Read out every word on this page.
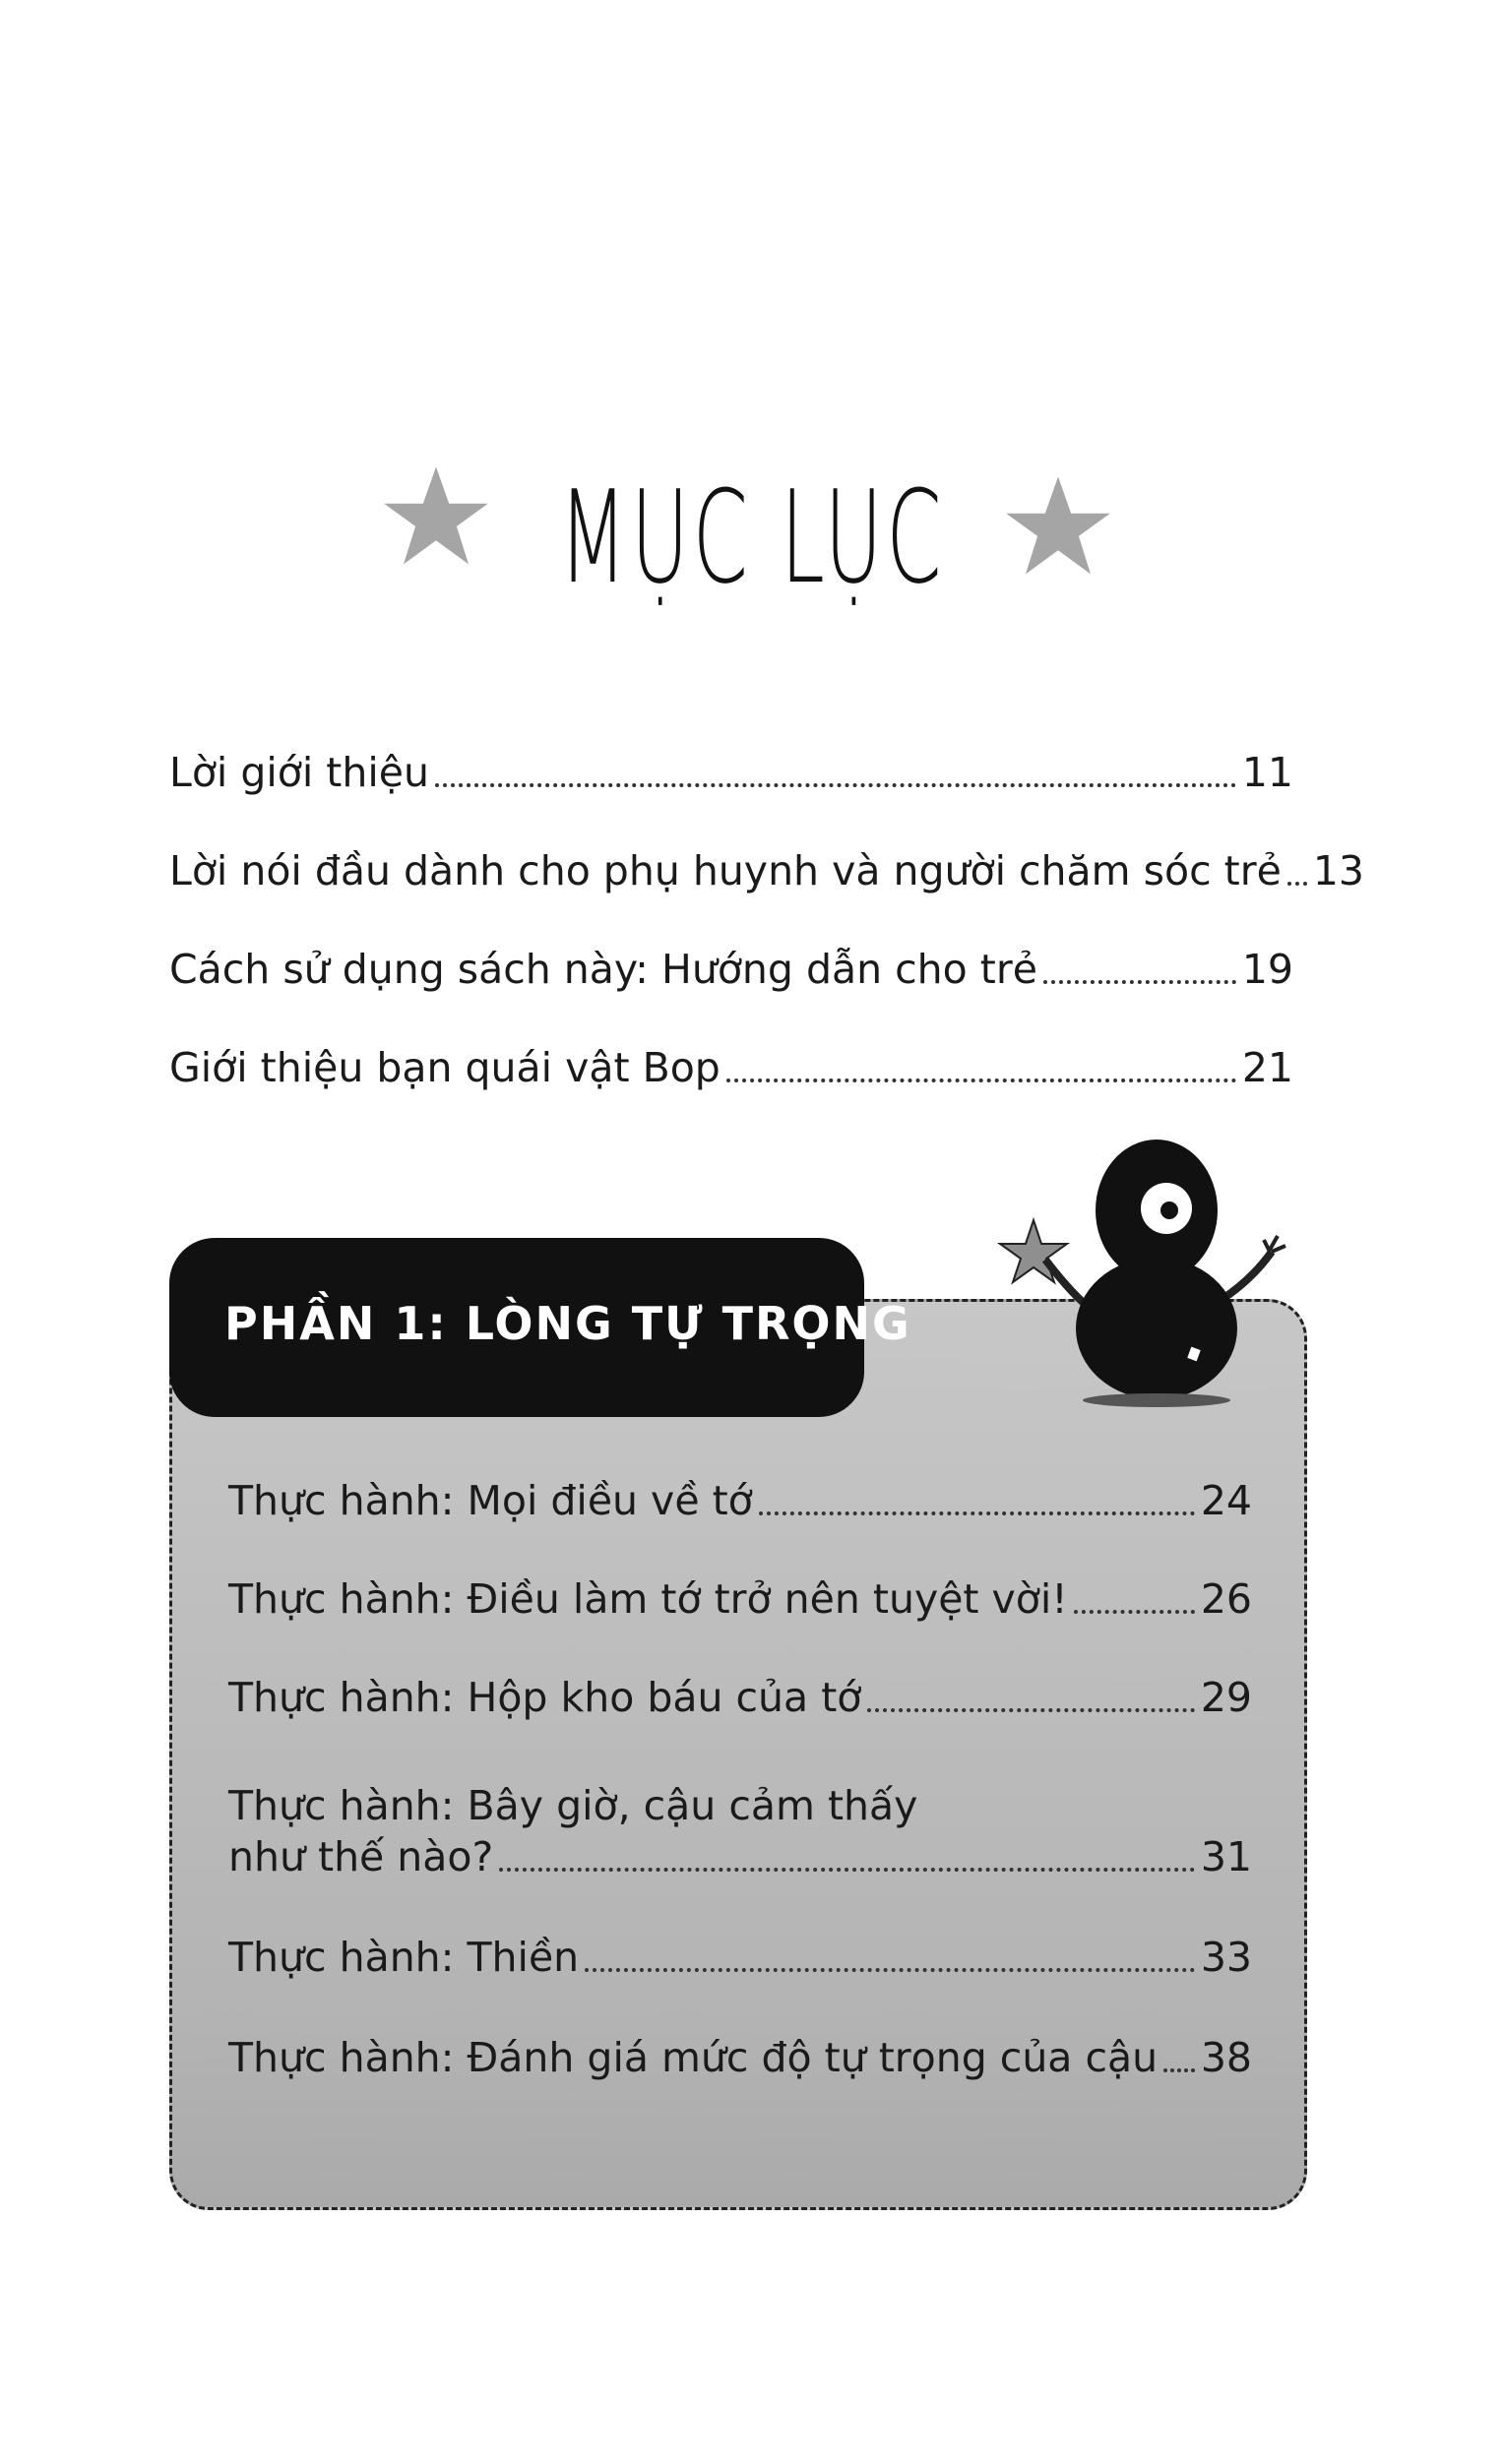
MỤC LỤC
Lời giới thiệu	11
Lời nói đầu dành cho phụ huynh và người chăm sóc trẻ 13
Cách sử dụng sách này: Hướng dẫn cho trẻ	19
Giới thiệu bạn quái vật Bop	21
PHẦN 1: LÒNG TỰ TRỌNG
Thực hành: Mọi điều về tớ	24
Thực hành: Điều làm tớ trở nên tuyệt vời!	26
Thực hành: Hộp kho báu của tớ	29
Thực hành: Bây giờ, cậu cảm thấy
như thế nào?	31
Thực hành: Thiền	33
Thực hành: Đánh giá mức độ tự trọng của cậu 38
